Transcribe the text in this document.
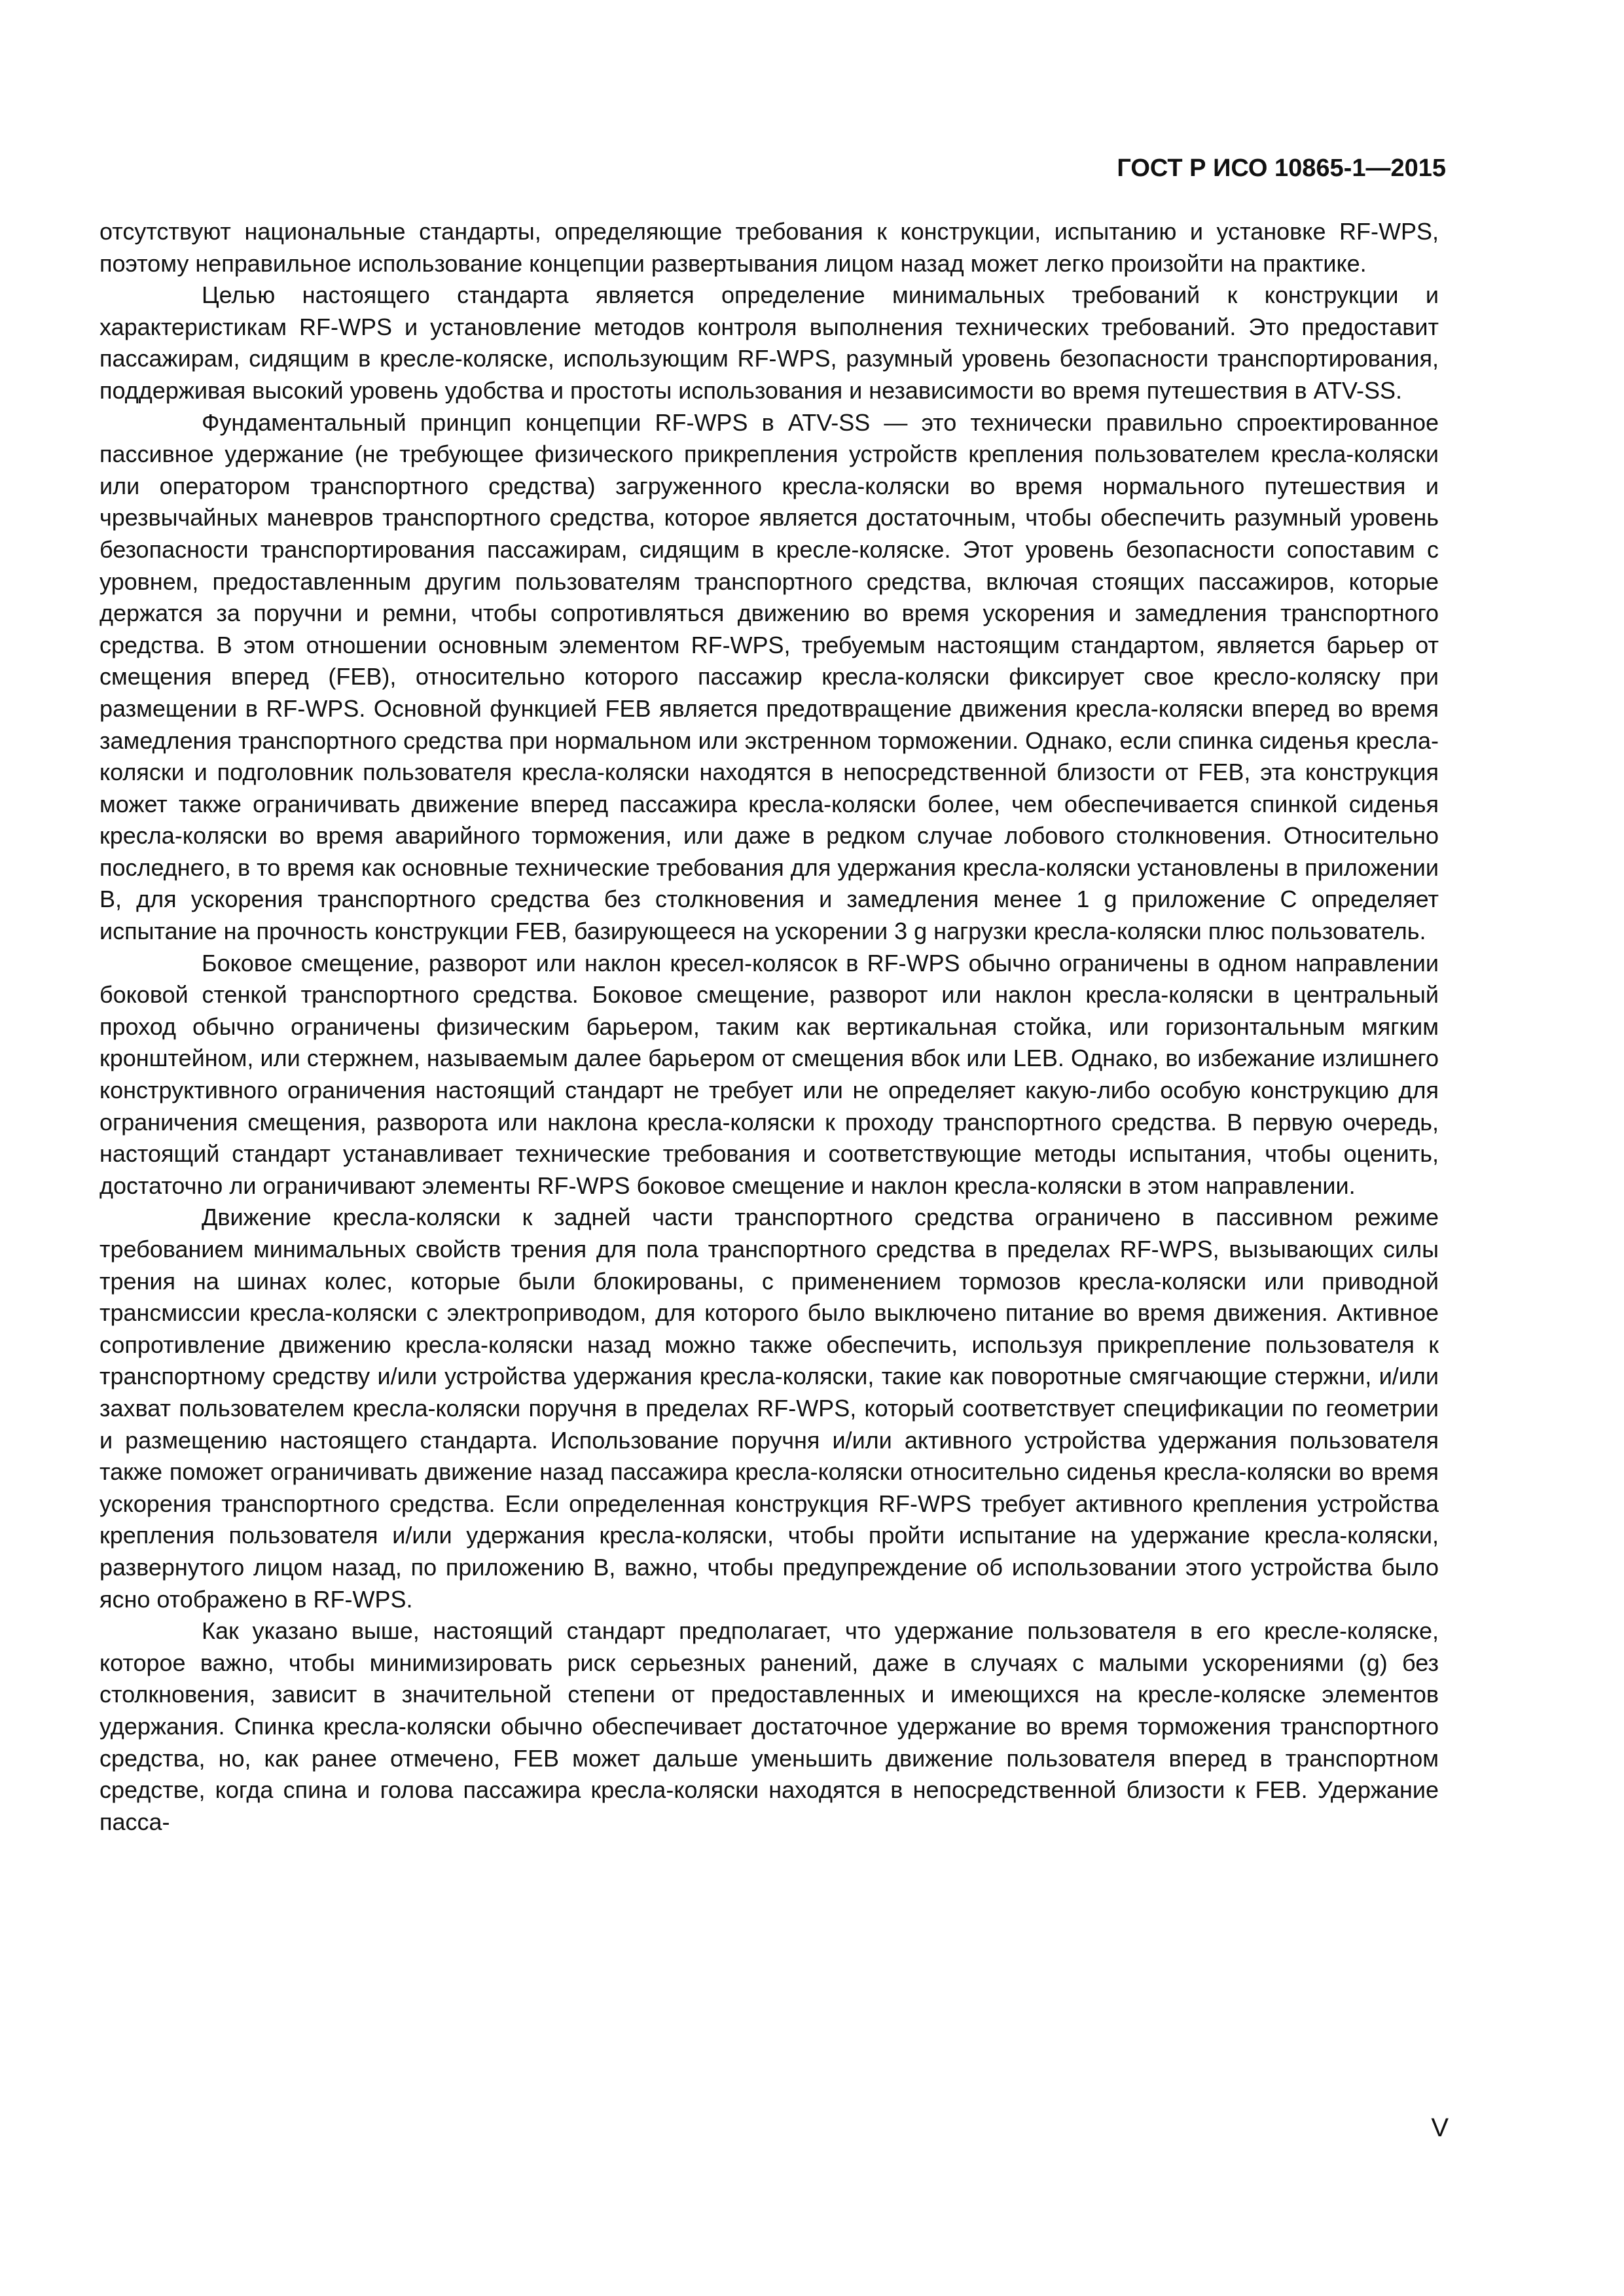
ГОСТ Р ИСО 10865-1—2015

отсутствуют национальные стандарты, определяющие требования к конструкции, испытанию и установке RF-WPS, поэтому неправильное использование концепции развертывания лицом назад может легко произойти на практике.

Целью настоящего стандарта является определение минимальных требований к конструкции и характеристикам RF-WPS и установление методов контроля выполнения технических требований. Это предоставит пассажирам, сидящим в кресле-коляске, использующим RF-WPS, разумный уровень безопасности транспортирования, поддерживая высокий уровень удобства и простоты использования и независимости во время путешествия в ATV-SS.

Фундаментальный принцип концепции RF-WPS в ATV-SS — это технически правильно спроектированное пассивное удержание (не требующее физического прикрепления устройств крепления пользователем кресла-коляски или оператором транспортного средства) загруженного кресла-коляски во время нормального путешествия и чрезвычайных маневров транспортного средства, которое является достаточным, чтобы обеспечить разумный уровень безопасности транспортирования пассажирам, сидящим в кресле-коляске. Этот уровень безопасности сопоставим с уровнем, предоставленным другим пользователям транспортного средства, включая стоящих пассажиров, которые держатся за поручни и ремни, чтобы сопротивляться движению во время ускорения и замедления транспортного средства. В этом отношении основным элементом RF-WPS, требуемым настоящим стандартом, является барьер от смещения вперед (FEB), относительно которого пассажир кресла-коляски фиксирует свое кресло-коляску при размещении в RF-WPS. Основной функцией FEB является предотвращение движения кресла-коляски вперед во время замедления транспортного средства при нормальном или экстренном торможении. Однако, если спинка сиденья кресла-коляски и подголовник пользователя кресла-коляски находятся в непосредственной близости от FEB, эта конструкция может также ограничивать движение вперед пассажира кресла-коляски более, чем обеспечивается спинкой сиденья кресла-коляски во время аварийного торможения, или даже в редком случае лобового столкновения. Относительно последнего, в то время как основные технические требования для удержания кресла-коляски установлены в приложении В, для ускорения транспортного средства без столкновения и замедления менее 1 g приложение С определяет испытание на прочность конструкции FEB, базирующееся на ускорении 3 g нагрузки кресла-коляски плюс пользователь.

Боковое смещение, разворот или наклон кресел-колясок в RF-WPS обычно ограничены в одном направлении боковой стенкой транспортного средства. Боковое смещение, разворот или наклон кресла-коляски в центральный проход обычно ограничены физическим барьером, таким как вертикальная стойка, или горизонтальным мягким кронштейном, или стержнем, называемым далее барьером от смещения вбок или LEB. Однако, во избежание излишнего конструктивного ограничения настоящий стандарт не требует или не определяет какую-либо особую конструкцию для ограничения смещения, разворота или наклона кресла-коляски к проходу транспортного средства. В первую очередь, настоящий стандарт устанавливает технические требования и соответствующие методы испытания, чтобы оценить, достаточно ли ограничивают элементы RF-WPS боковое смещение и наклон кресла-коляски в этом направлении.

Движение кресла-коляски к задней части транспортного средства ограничено в пассивном режиме требованием минимальных свойств трения для пола транспортного средства в пределах RF-WPS, вызывающих силы трения на шинах колес, которые были блокированы, с применением тормозов кресла-коляски или приводной трансмиссии кресла-коляски с электроприводом, для которого было выключено питание во время движения. Активное сопротивление движению кресла-коляски назад можно также обеспечить, используя прикрепление пользователя к транспортному средству и/или устройства удержания кресла-коляски, такие как поворотные смягчающие стержни, и/или захват пользователем кресла-коляски поручня в пределах RF-WPS, который соответствует спецификации по геометрии и размещению настоящего стандарта. Использование поручня и/или активного устройства удержания пользователя также поможет ограничивать движение назад пассажира кресла-коляски относительно сиденья кресла-коляски во время ускорения транспортного средства. Если определенная конструкция RF-WPS требует активного крепления устройства крепления пользователя и/или удержания кресла-коляски, чтобы пройти испытание на удержание кресла-коляски, развернутого лицом назад, по приложению В, важно, чтобы предупреждение об использовании этого устройства было ясно отображено в RF-WPS.

Как указано выше, настоящий стандарт предполагает, что удержание пользователя в его кресле-коляске, которое важно, чтобы минимизировать риск серьезных ранений, даже в случаях с малыми ускорениями (g) без столкновения, зависит в значительной степени от предоставленных и имеющихся на кресле-коляске элементов удержания. Спинка кресла-коляски обычно обеспечивает достаточное удержание во время торможения транспортного средства, но, как ранее отмечено, FEB может дальше уменьшить движение пользователя вперед в транспортном средстве, когда спина и голова пассажира кресла-коляски находятся в непосредственной близости к FEB. Удержание пасса-

V
